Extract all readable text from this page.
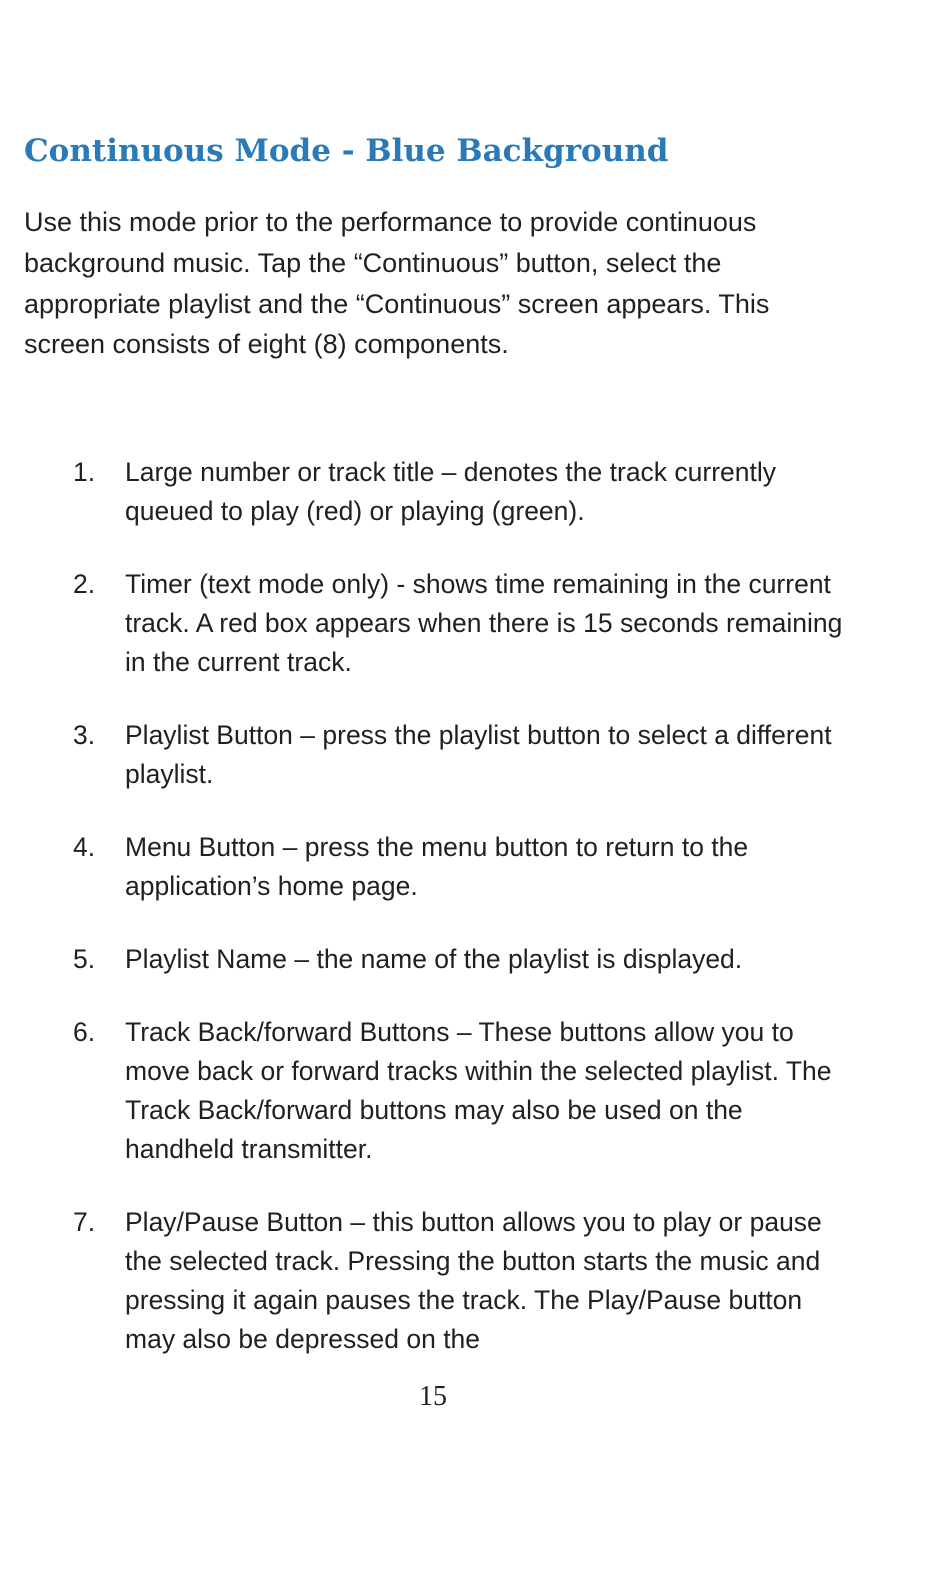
Continuous Mode - Blue Background

Use this mode prior to the performance to provide continuous background music. Tap the “Continuous” button, select the appropriate playlist and the “Continuous” screen appears. This screen consists of eight (8) components.

1. Large number or track title – denotes the track currently queued to play (red) or playing (green).
2. Timer (text mode only) - shows time remaining in the current track. A red box appears when there is 15 seconds remaining in the current track.
3. Playlist Button – press the playlist button to select a different playlist.
4. Menu Button – press the menu button to return to the application’s home page.
5. Playlist Name – the name of the playlist is displayed.
6. Track Back/forward Buttons – These buttons allow you to move back or forward tracks within the selected playlist. The Track Back/forward buttons may also be used on the handheld transmitter.
7. Play/Pause Button – this button allows you to play or pause the selected track. Pressing the button starts the music and pressing it again pauses the track. The Play/Pause button may also be depressed on the
15
